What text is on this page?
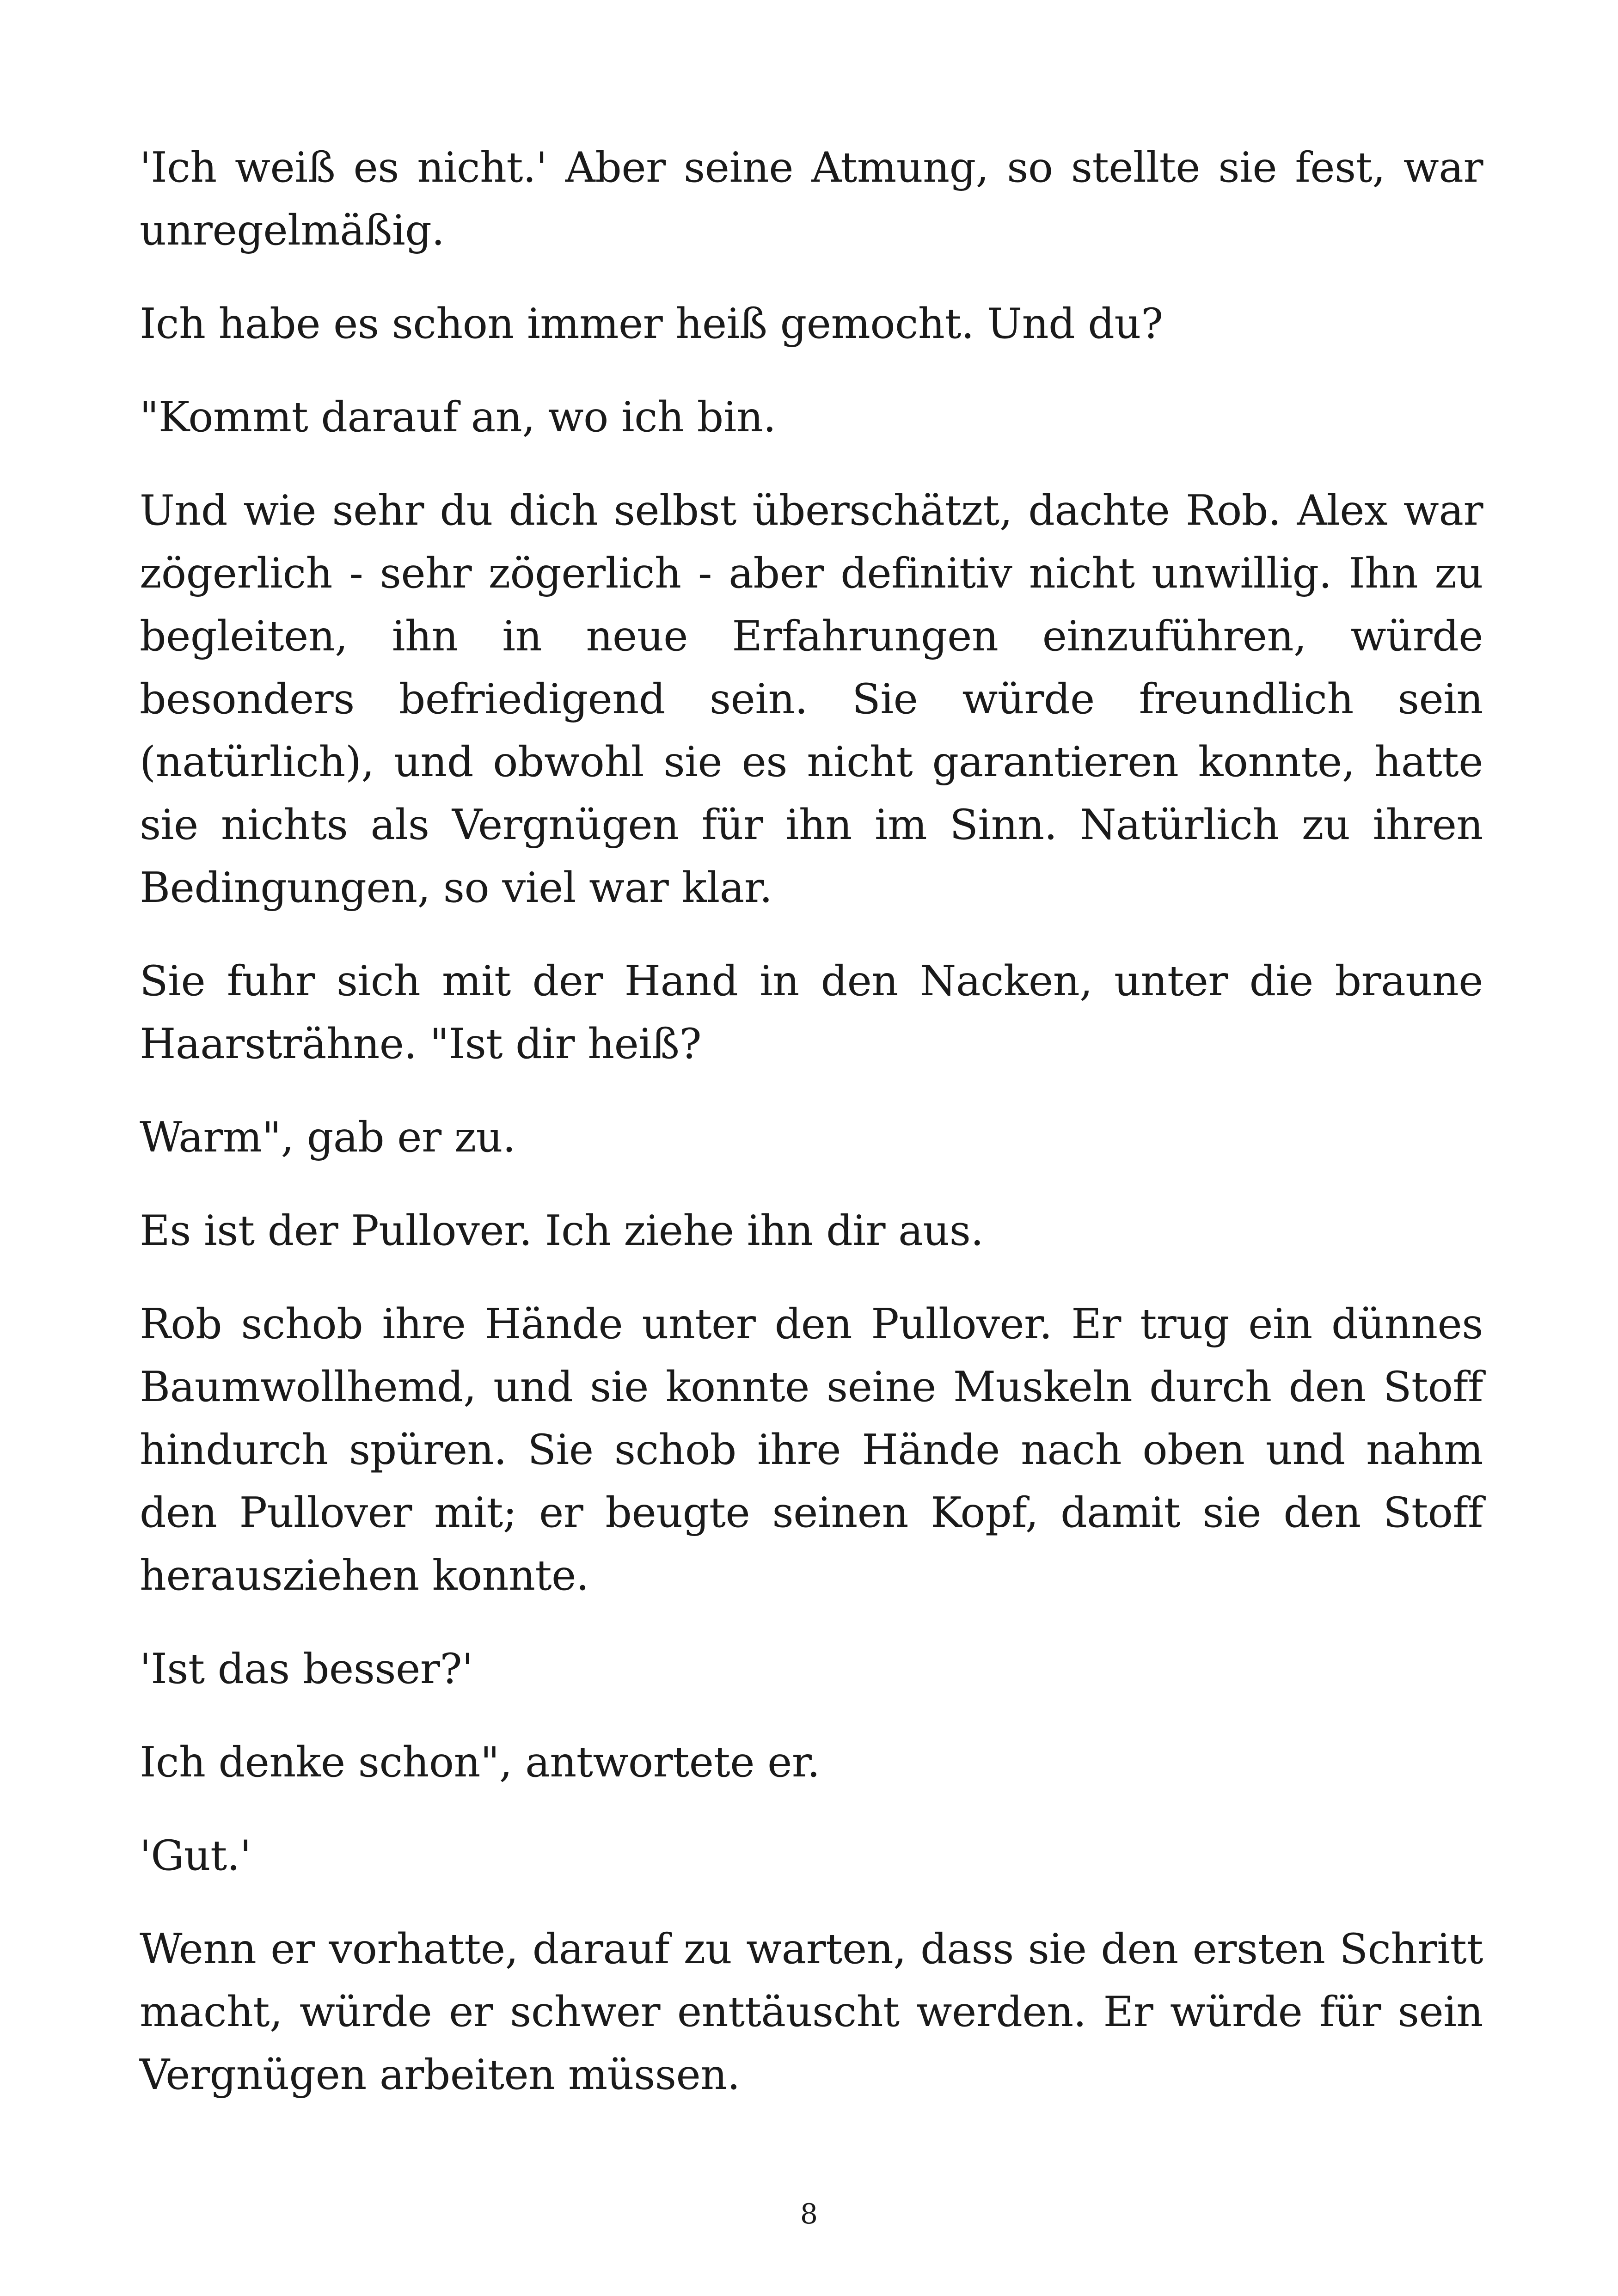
'Ich weiß es nicht.' Aber seine Atmung, so stellte sie fest, war unregelmäßig.

Ich habe es schon immer heiß gemocht. Und du?

"Kommt darauf an, wo ich bin.

Und wie sehr du dich selbst überschätzt, dachte Rob. Alex war zögerlich - sehr zögerlich - aber definitiv nicht unwillig. Ihn zu begleiten, ihn in neue Erfahrungen einzuführen, würde besonders befriedigend sein. Sie würde freundlich sein (natürlich), und obwohl sie es nicht garantieren konnte, hatte sie nichts als Vergnügen für ihn im Sinn. Natürlich zu ihren Bedingungen, so viel war klar.

Sie fuhr sich mit der Hand in den Nacken, unter die braune Haarsträhne. "Ist dir heiß?

Warm", gab er zu.

Es ist der Pullover. Ich ziehe ihn dir aus.

Rob schob ihre Hände unter den Pullover. Er trug ein dünnes Baumwollhemd, und sie konnte seine Muskeln durch den Stoff hindurch spüren. Sie schob ihre Hände nach oben und nahm den Pullover mit; er beugte seinen Kopf, damit sie den Stoff herausziehen konnte.

'Ist das besser?'

Ich denke schon", antwortete er.

'Gut.'

Wenn er vorhatte, darauf zu warten, dass sie den ersten Schritt macht, würde er schwer enttäuscht werden. Er würde für sein Vergnügen arbeiten müssen.

8
